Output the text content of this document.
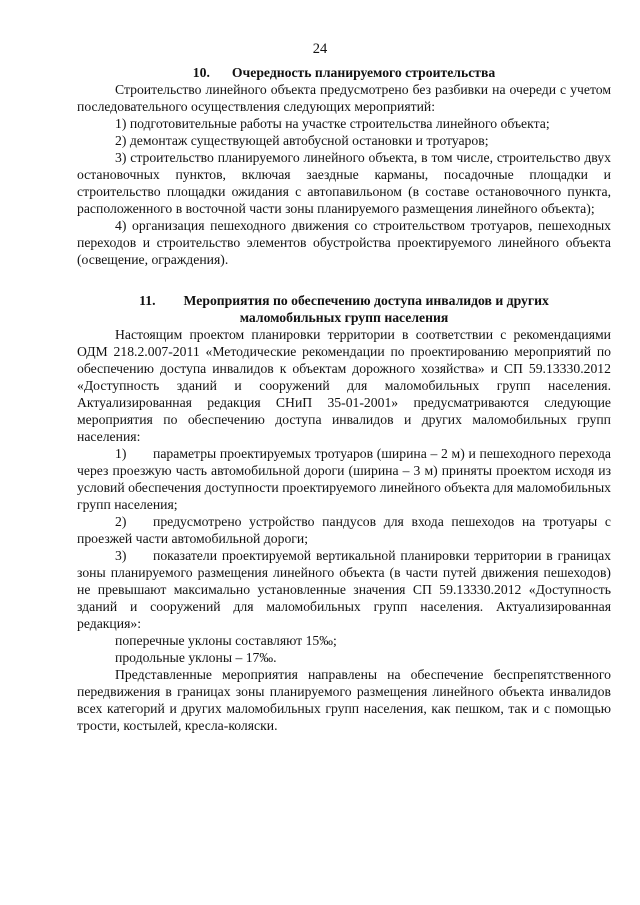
24
10. Очередность планируемого строительства

Строительство линейного объекта предусмотрено без разбивки на очереди с учетом последовательного осуществления следующих мероприятий:

1) подготовительные работы на участке строительства линейного объекта;

2) демонтаж существующей автобусной остановки и тротуаров;

3) строительство планируемого линейного объекта, в том числе, строительство двух остановочных пунктов, включая заездные карманы, посадочные площадки и строительство площадки ожидания с автопавильоном (в составе остановочного пункта, расположенного в восточной части зоны планируемого размещения линейного объекта);

4) организация пешеходного движения со строительством тротуаров, пешеходных переходов и строительство элементов обустройства проектируемого линейного объекта (освещение, ограждения).

11. Мероприятия по обеспечению доступа инвалидов и других
маломобильных групп населения

Настоящим проектом планировки территории в соответствии с рекомендациями ОДМ 218.2.007-2011 «Методические рекомендации по проектированию мероприятий по обеспечению доступа инвалидов к объектам дорожного хозяйства» и СП 59.13330.2012 «Доступность зданий и сооружений для маломобильных групп населения. Актуализированная редакция СНиП 35-01-2001» предусматриваются следующие мероприятия по обеспечению доступа инвалидов и других маломобильных групп населения:

1) параметры проектируемых тротуаров (ширина – 2 м) и пешеходного перехода через проезжую часть автомобильной дороги (ширина – 3 м) приняты проектом исходя из условий обеспечения доступности проектируемого линейного объекта для маломобильных групп населения;

2) предусмотрено устройство пандусов для входа пешеходов на тротуары с проезжей части автомобильной дороги;

3) показатели проектируемой вертикальной планировки территории в границах зоны планируемого размещения линейного объекта (в части путей движения пешеходов) не превышают максимально установленные значения СП 59.13330.2012 «Доступность зданий и сооружений для маломобильных групп населения. Актуализированная редакция»:

поперечные уклоны составляют 15‰;

продольные уклоны – 17‰.

Представленные мероприятия направлены на обеспечение беспрепятственного передвижения в границах зоны планируемого размещения линейного объекта инвалидов всех категорий и других маломобильных групп населения, как пешком, так и с помощью трости, костылей, кресла-коляски.
